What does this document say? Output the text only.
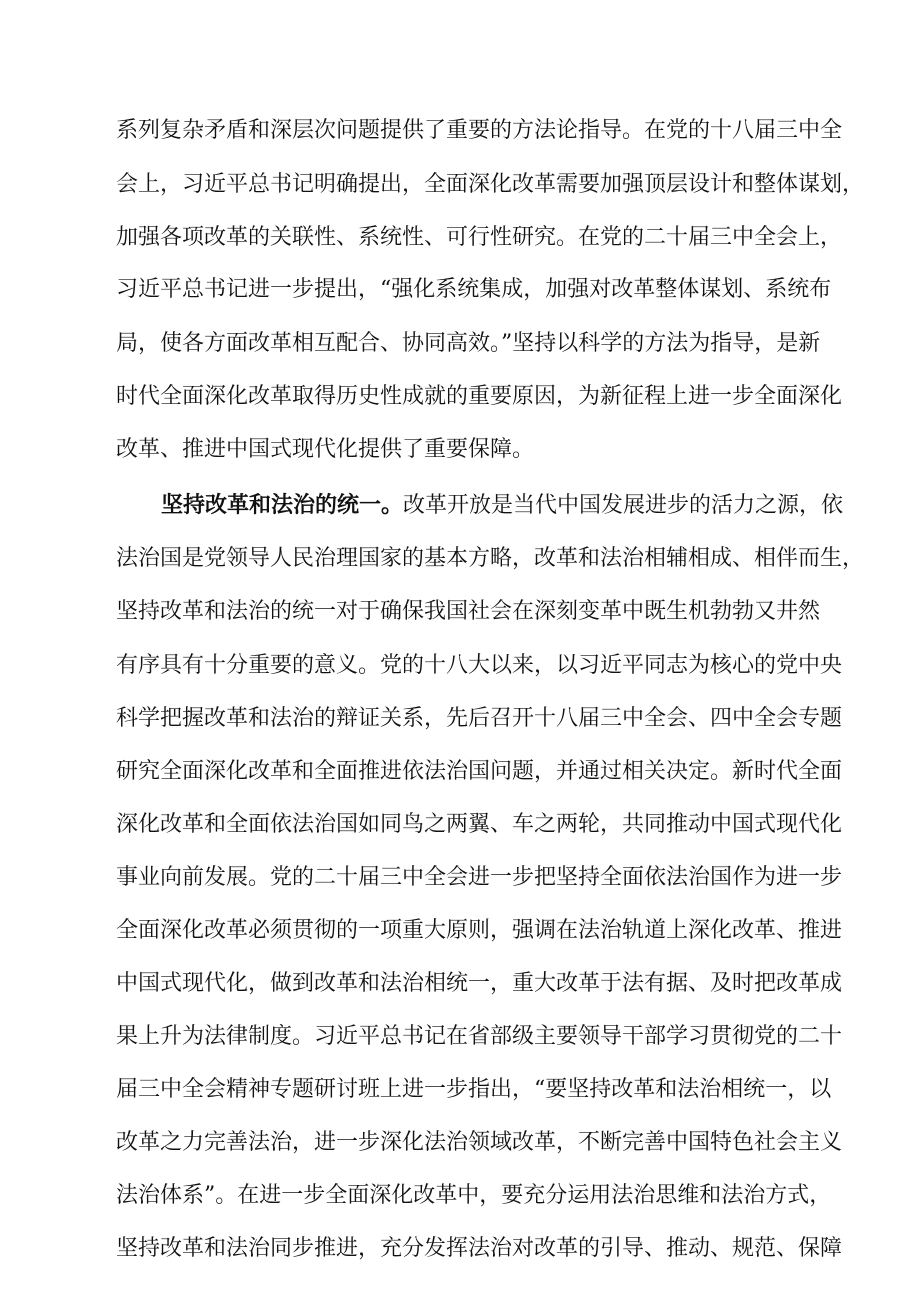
系列复杂矛盾和深层次问题提供了重要的方法论指导。在党的十八届三中全
会上，习近平总书记明确提出，全面深化改革需要加强顶层设计和整体谋划，
加强各项改革的关联性、系统性、可行性研究。在党的二十届三中全会上，
习近平总书记进一步提出，“强化系统集成，加强对改革整体谋划、系统布
局，使各方面改革相互配合、协同高效。”坚持以科学的方法为指导，是新
时代全面深化改革取得历史性成就的重要原因，为新征程上进一步全面深化
改革、推进中国式现代化提供了重要保障。
坚持改革和法治的统一。改革开放是当代中国发展进步的活力之源，依
法治国是党领导人民治理国家的基本方略，改革和法治相辅相成、相伴而生，
坚持改革和法治的统一对于确保我国社会在深刻变革中既生机勃勃又井然
有序具有十分重要的意义。党的十八大以来，以习近平同志为核心的党中央
科学把握改革和法治的辩证关系，先后召开十八届三中全会、四中全会专题
研究全面深化改革和全面推进依法治国问题，并通过相关决定。新时代全面
深化改革和全面依法治国如同鸟之两翼、车之两轮，共同推动中国式现代化
事业向前发展。党的二十届三中全会进一步把坚持全面依法治国作为进一步
全面深化改革必须贯彻的一项重大原则，强调在法治轨道上深化改革、推进
中国式现代化，做到改革和法治相统一，重大改革于法有据、及时把改革成
果上升为法律制度。习近平总书记在省部级主要领导干部学习贯彻党的二十
届三中全会精神专题研讨班上进一步指出，“要坚持改革和法治相统一，以
改革之力完善法治，进一步深化法治领域改革，不断完善中国特色社会主义
法治体系”。在进一步全面深化改革中，要充分运用法治思维和法治方式，
坚持改革和法治同步推进，充分发挥法治对改革的引导、推动、规范、保障
